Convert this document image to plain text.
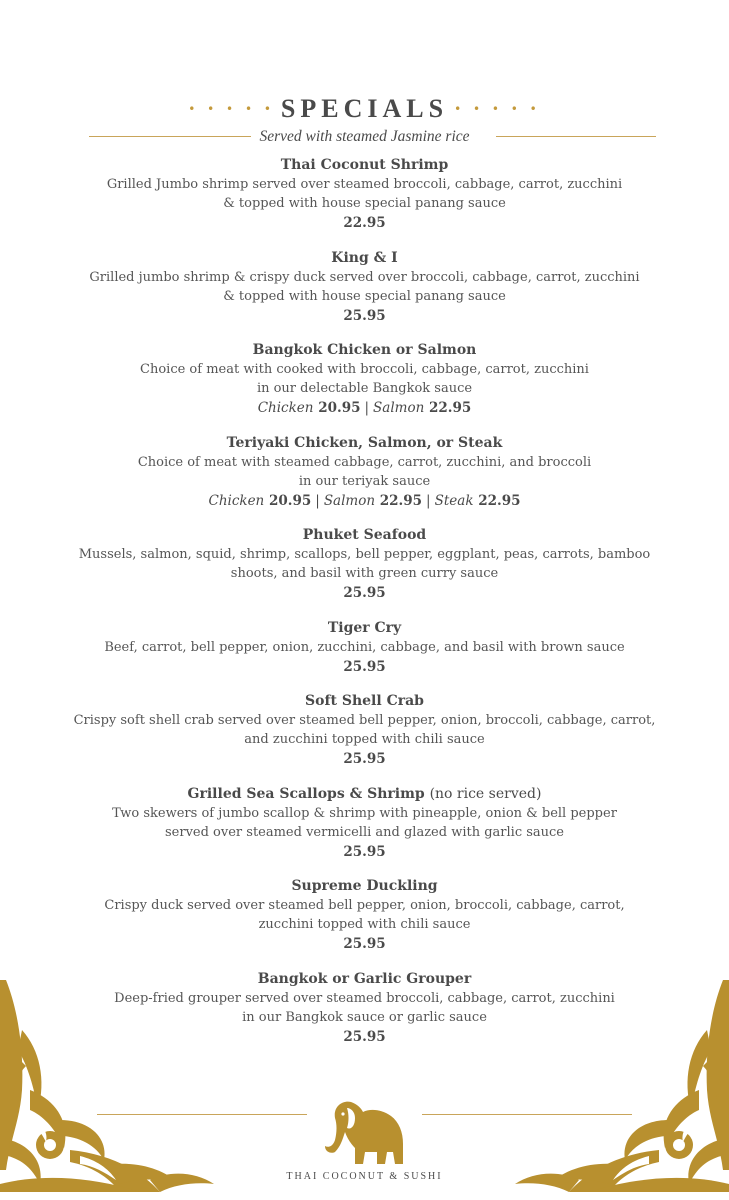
• • • • • SPECIALS • • • • •
Served with steamed Jasmine rice
Thai Coconut Shrimp
Grilled Jumbo shrimp served over steamed broccoli, cabbage, carrot, zucchini
& topped with house special panang sauce
22.95
King & I
Grilled jumbo shrimp & crispy duck served over broccoli, cabbage, carrot, zucchini
& topped with house special panang sauce
25.95
Bangkok Chicken or Salmon
Choice of meat with cooked with broccoli, cabbage, carrot, zucchini
in our delectable Bangkok sauce
Chicken 20.95 | Salmon 22.95
Teriyaki Chicken, Salmon, or Steak
Choice of meat with steamed cabbage, carrot, zucchini, and broccoli
in our teriyak sauce
Chicken 20.95 | Salmon 22.95 | Steak 22.95
Phuket Seafood
Mussels, salmon, squid, shrimp, scallops, bell pepper, eggplant, peas, carrots, bamboo
shoots, and basil with green curry sauce
25.95
Tiger Cry
Beef, carrot, bell pepper, onion, zucchini, cabbage, and basil with brown sauce
25.95
Soft Shell Crab
Crispy soft shell crab served over steamed bell pepper, onion, broccoli, cabbage, carrot,
and zucchini topped with chili sauce
25.95
Grilled Sea Scallops & Shrimp (no rice served)
Two skewers of jumbo scallop & shrimp with pineapple, onion & bell pepper
served over steamed vermicelli and glazed with garlic sauce
25.95
Supreme Duckling
Crispy duck served over steamed bell pepper, onion, broccoli, cabbage, carrot,
zucchini topped with chili sauce
25.95
Bangkok or Garlic Grouper
Deep-fried grouper served over steamed broccoli, cabbage, carrot, zucchini
in our Bangkok sauce or garlic sauce
25.95
THAI COCONUT & SUSHI
